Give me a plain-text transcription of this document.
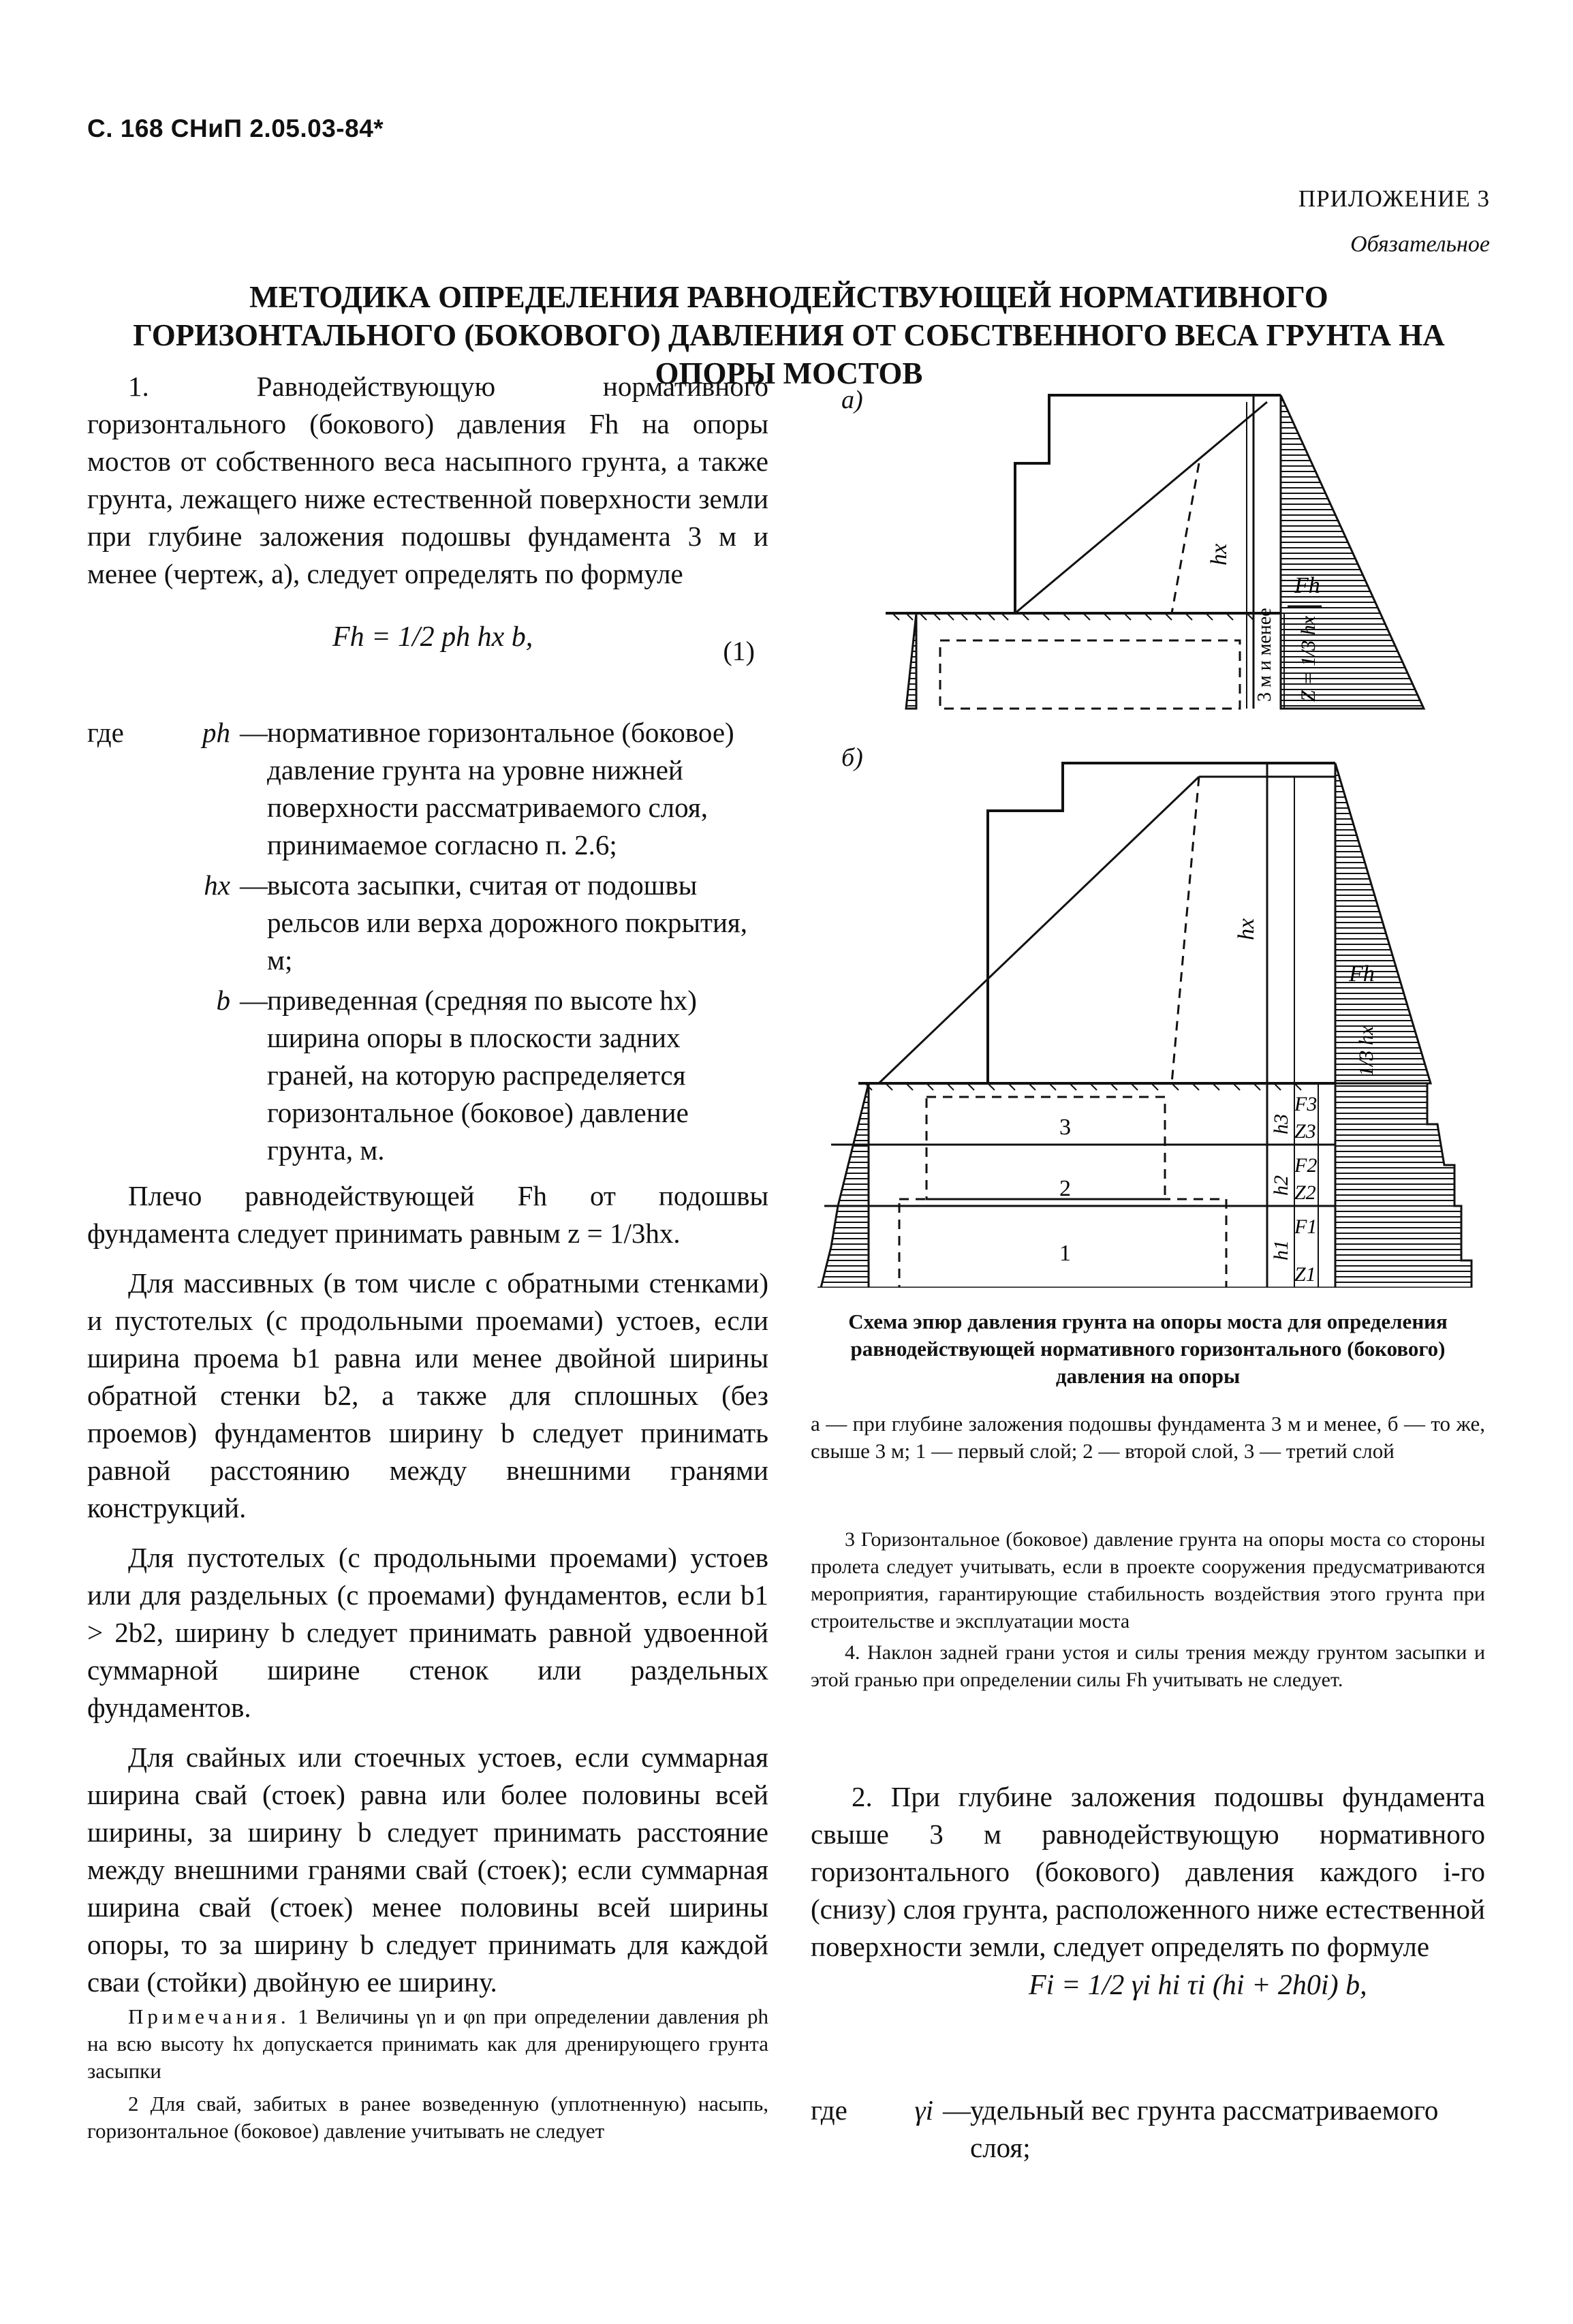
С. 168 СНиП 2.05.03-84*
ПРИЛОЖЕНИЕ 3
Обязательное
МЕТОДИКА ОПРЕДЕЛЕНИЯ РАВНОДЕЙСТВУЮЩЕЙ НОРМАТИВНОГО ГОРИЗОНТАЛЬНОГО (БОКОВОГО) ДАВЛЕНИЯ ОТ СОБСТВЕННОГО ВЕСА ГРУНТА НА ОПОРЫ МОСТОВ

1. Равнодействующую нормативного горизонтального (бокового) давления Fh на опоры мостов от собственного веса насыпного грунта, а также грунта, лежащего ниже естественной поверхности земли при глубине заложения подошвы фундамента 3 м и менее (чертеж, а), следует определять по формуле

Fh = 1/2 ph hx b,	(1)
где	ph — нормативное горизонтальное (боковое) давление грунта на уровне нижней поверхности рассматриваемого слоя, принимаемое согласно п. 2.6;
hx — высота засыпки, считая от подошвы рельсов или верха дорожного покрытия, м;
b — приведенная (средняя по высоте hx) ширина опоры в плоскости задних граней, на которую распределяется горизонтальное (боковое) давление грунта, м.

Плечо равнодействующей Fh от подошвы фундамента следует принимать равным z = 1/3hx.

Для массивных (в том числе с обратными стенками) и пустотелых (с продольными проемами) устоев, если ширина проема b1 равна или менее двойной ширины обратной стенки b2, а также для сплошных (без проемов) фундаментов ширину b следует принимать равной расстоянию между внешними гранями конструкций.

Для пустотелых (с продольными проемами) устоев или для раздельных (с проемами) фундаментов, если b1 > 2b2, ширину b следует принимать равной удвоенной суммарной ширине стенок или раздельных фундаментов.

Для свайных или стоечных устоев, если суммарная ширина свай (стоек) равна или более половины всей ширины, за ширину b следует принимать расстояние между внешними гранями свай (стоек); если суммарная ширина свай (стоек) менее половины всей ширины опоры, то за ширину b следует принимать для каждой сваи (стойки) двойную ее ширину.

Примечания. 1 Величины γn и φn при определении давления ph на всю высоту hx допускается принимать как для дренирующего грунта засыпки

2 Для свай, забитых в ранее возведенную (уплотненную) насыпь, горизонтальное (боковое) давление учитывать не следует

а)
hx
3 м и менее
Fh
Z = 1/3 hx
б)
hx
Fh
1/3 hx
3
2
1
h3
h2
h1
F3
F2
F1
Z3
Z2
Z1
Схема эпюр давления грунта на опоры моста для определения равнодействующей нормативного горизонтального (бокового) давления на опоры
а — при глубине заложения подошвы фундамента 3 м и менее, б — то же, свыше 3 м; 1 — первый слой; 2 — второй слой, 3 — третий слой

3 Горизонтальное (боковое) давление грунта на опоры моста со стороны пролета следует учитывать, если в проекте сооружения предусматриваются мероприятия, гарантирующие стабильность воздействия этого грунта при строительстве и эксплуатации моста

4. Наклон задней грани устоя и силы трения между грунтом засыпки и этой гранью при определении силы Fh учитывать не следует.

2. При глубине заложения подошвы фундамента свыше 3 м равнодействующую нормативного горизонтального (бокового) давления каждого i-го (снизу) слоя грунта, расположенного ниже естественной поверхности земли, следует определять по формуле

Fi = 1/2 γi hi τi (hi + 2h0i) b,
где	γi — удельный вес грунта рассматриваемого слоя;
